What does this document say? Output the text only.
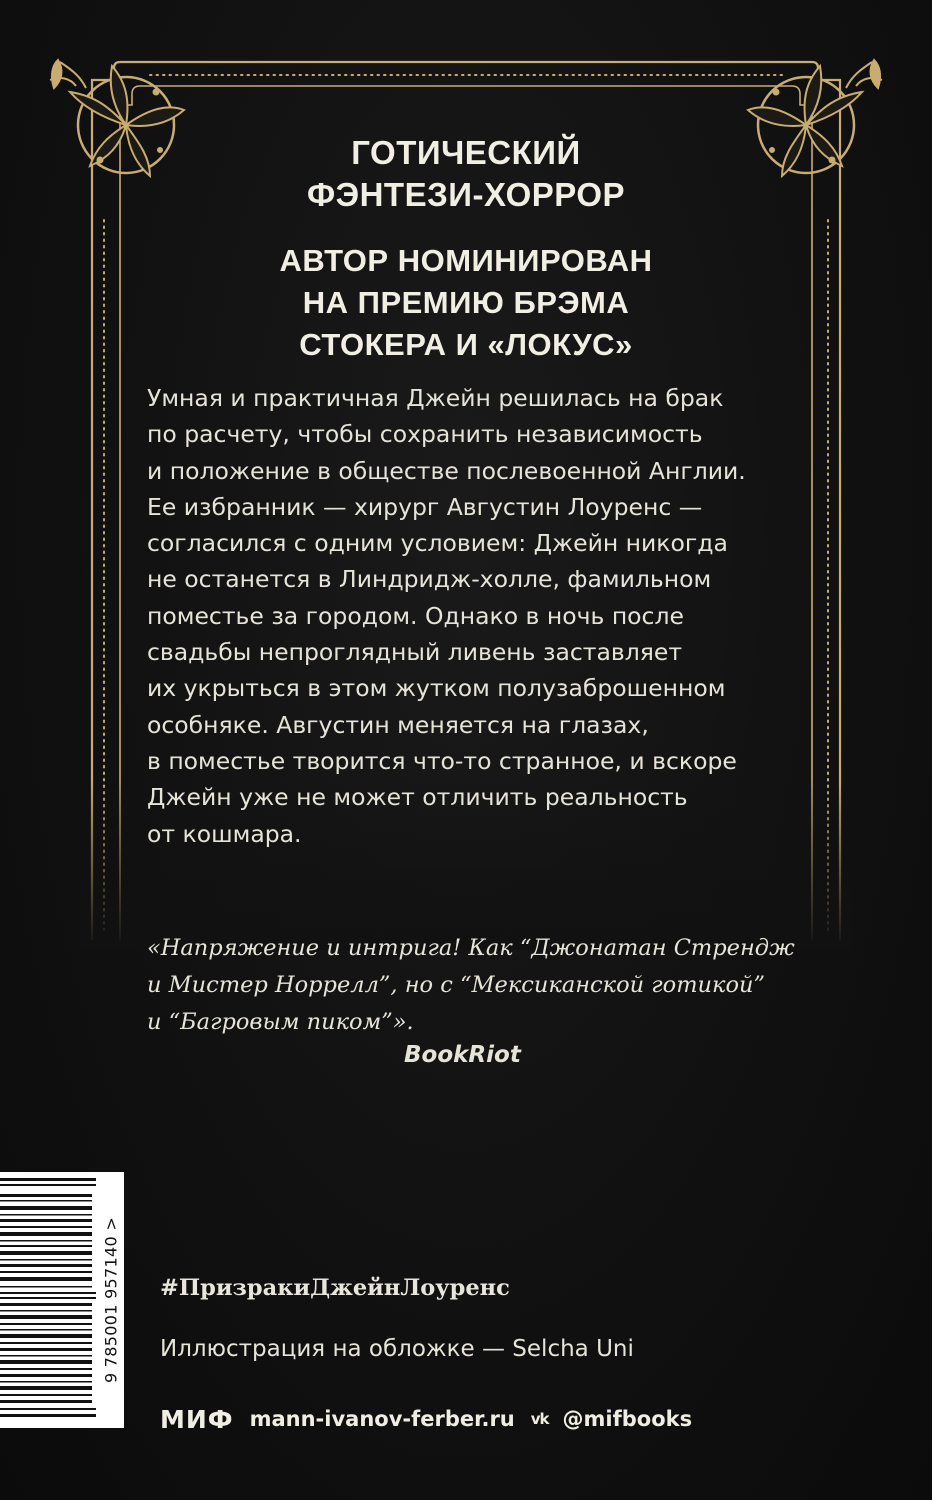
ГОТИЧЕСКИЙ
ФЭНТЕЗИ-ХОРРОР
АВТОР НОМИНИРОВАН
НА ПРЕМИЮ БРЭМА
СТОКЕРА И «ЛОКУС»
Умная и практичная Джейн решилась на брак
по расчету, чтобы сохранить независимость
и положение в обществе послевоенной Англии.
Ее избранник — хирург Августин Лоуренс —
согласился с одним условием: Джейн никогда
не останется в Линдридж-холле, фамильном
поместье за городом. Однако в ночь после
свадьбы непроглядный ливень заставляет
их укрыться в этом жутком полузаброшенном
особняке. Августин меняется на глазах,
в поместье творится что-то странное, и вскоре
Джейн уже не может отличить реальность
от кошмара.
«Напряжение и интрига! Как “Джонатан Стрендж
и Мистер Норрелл”, но с “Мексиканской готикой”
и “Багровым пиком”».
BookRiot
9 785001 957140 > #ПризракиДжейнЛоуренс
Иллюстрация на обложке — Selcha Uni
МИФ mann-ivanov-ferber.ru vk @mifbooks
